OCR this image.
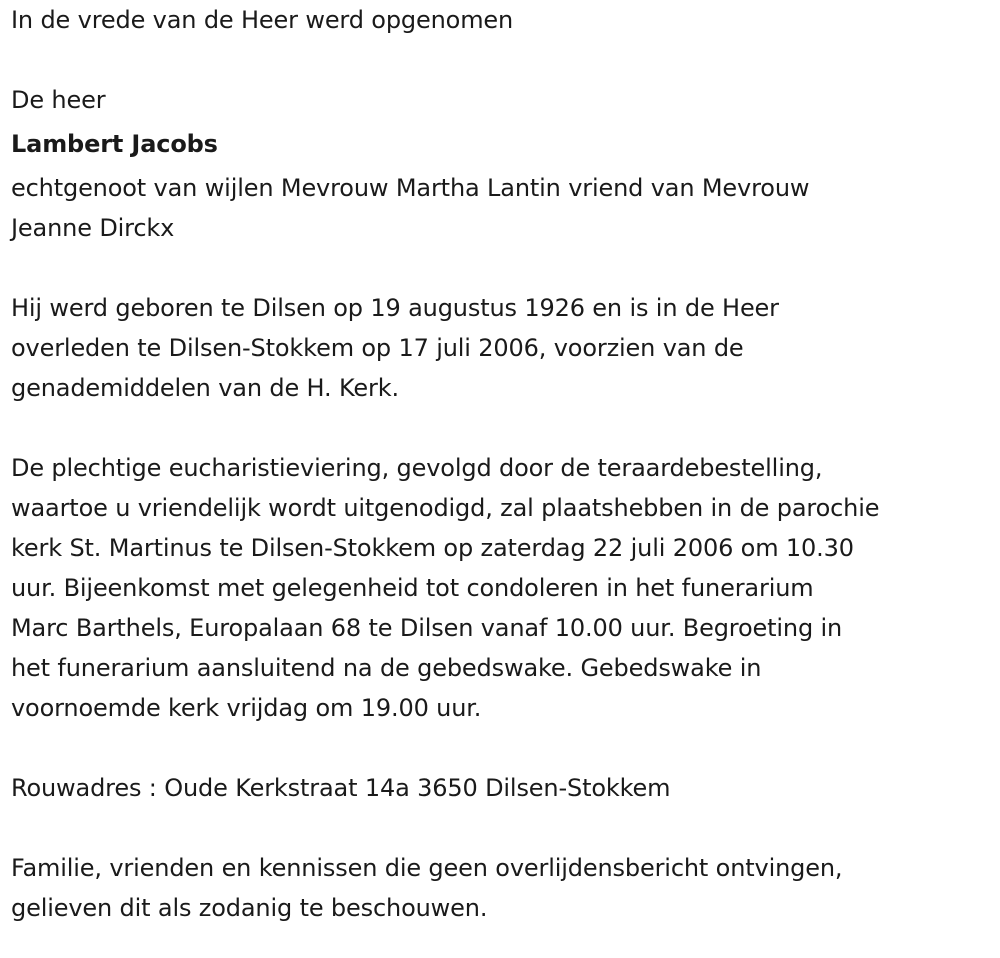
In de vrede van de Heer werd opgenomen
De heer
Lambert Jacobs
echtgenoot van wijlen Mevrouw Martha Lantin vriend van Mevrouw
Jeanne Dirckx
Hij werd geboren te Dilsen op 19 augustus 1926 en is in de Heer
overleden te Dilsen-Stokkem op 17 juli 2006, voorzien van de
genademiddelen van de H. Kerk.
De plechtige eucharistieviering, gevolgd door de teraardebestelling,
waartoe u vriendelijk wordt uitgenodigd, zal plaatshebben in de parochie
kerk St. Martinus te Dilsen-Stokkem op zaterdag 22 juli 2006 om 10.30
uur. Bijeenkomst met gelegenheid tot condoleren in het funerarium
Marc Barthels, Europalaan 68 te Dilsen vanaf 10.00 uur. Begroeting in
het funerarium aansluitend na de gebedswake. Gebedswake in
voornoemde kerk vrijdag om 19.00 uur.
Rouwadres : Oude Kerkstraat 14a 3650 Dilsen-Stokkem
Familie, vrienden en kennissen die geen overlijdensbericht ontvingen,
gelieven dit als zodanig te beschouwen.
